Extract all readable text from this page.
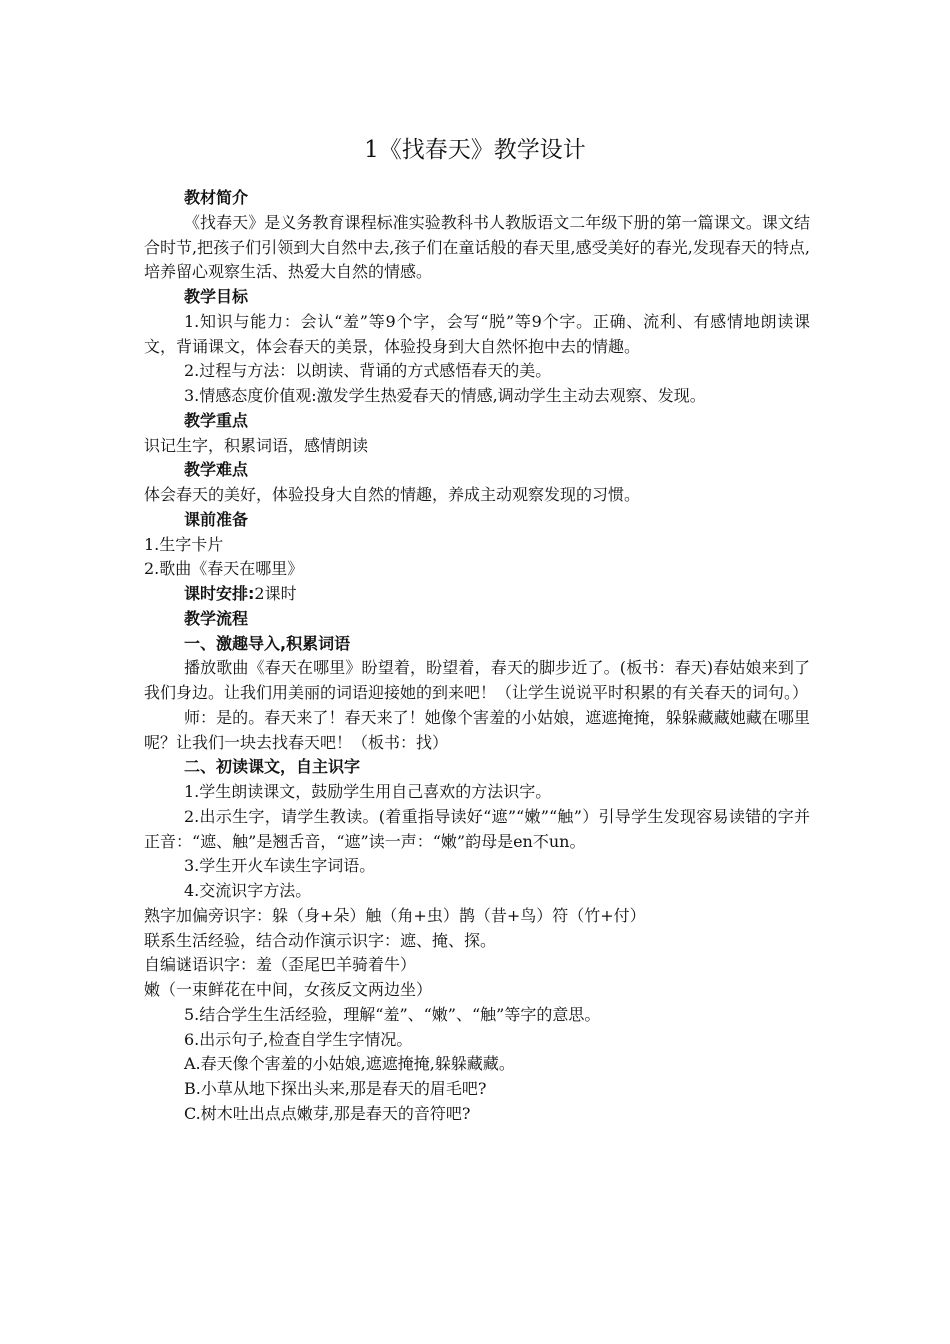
1《找春天》教学设计

教材简介

《找春天》是义务教育课程标准实验教科书人教版语文二年级下册的第一篇课文。课文结合时节,把孩子们引领到大自然中去,孩子们在童话般的春天里,感受美好的春光,发现春天的特点,培养留心观察生活、热爱大自然的情感。

教学目标

1.知识与能力：会认“羞”等9个字，会写“脱”等9个字。正确、流利、有感情地朗读课文，背诵课文，体会春天的美景，体验投身到大自然怀抱中去的情趣。

2.过程与方法：以朗读、背诵的方式感悟春天的美。

3.情感态度价值观:激发学生热爱春天的情感,调动学生主动去观察、发现。

教学重点

识记生字，积累词语，感情朗读

教学难点

体会春天的美好，体验投身大自然的情趣，养成主动观察发现的习惯。

课前准备

1.生字卡片

2.歌曲《春天在哪里》

课时安排:2课时

教学流程

一、激趣导入,积累词语

播放歌曲《春天在哪里》盼望着，盼望着，春天的脚步近了。(板书：春天)春姑娘来到了我们身边。让我们用美丽的词语迎接她的到来吧！（让学生说说平时积累的有关春天的词句。）

师：是的。春天来了！春天来了！她像个害羞的小姑娘，遮遮掩掩，躲躲藏藏她藏在哪里呢？让我们一块去找春天吧！（板书：找）

二、初读课文，自主识字

1.学生朗读课文，鼓励学生用自己喜欢的方法识字。

2.出示生字，请学生教读。(着重指导读好“遮”“嫩”“触”）引导学生发现容易读错的字并正音：“遮、触”是翘舌音，“遮”读一声：“嫩”韵母是en不un。

3.学生开火车读生字词语。

4.交流识字方法。

熟字加偏旁识字：躲（身+朵）触（角+虫）鹊（昔+鸟）符（竹+付）

联系生活经验，结合动作演示识字：遮、掩、探。

自编谜语识字：羞（歪尾巴羊骑着牛）

嫩（一束鲜花在中间，女孩反文两边坐）

5.结合学生生活经验，理解“羞”、“嫩”、“触”等字的意思。

6.出示句子,检查自学生字情况。

A.春天像个害羞的小姑娘,遮遮掩掩,躲躲藏藏。

B.小草从地下探出头来,那是春天的眉毛吧?

C.树木吐出点点嫩芽,那是春天的音符吧?
